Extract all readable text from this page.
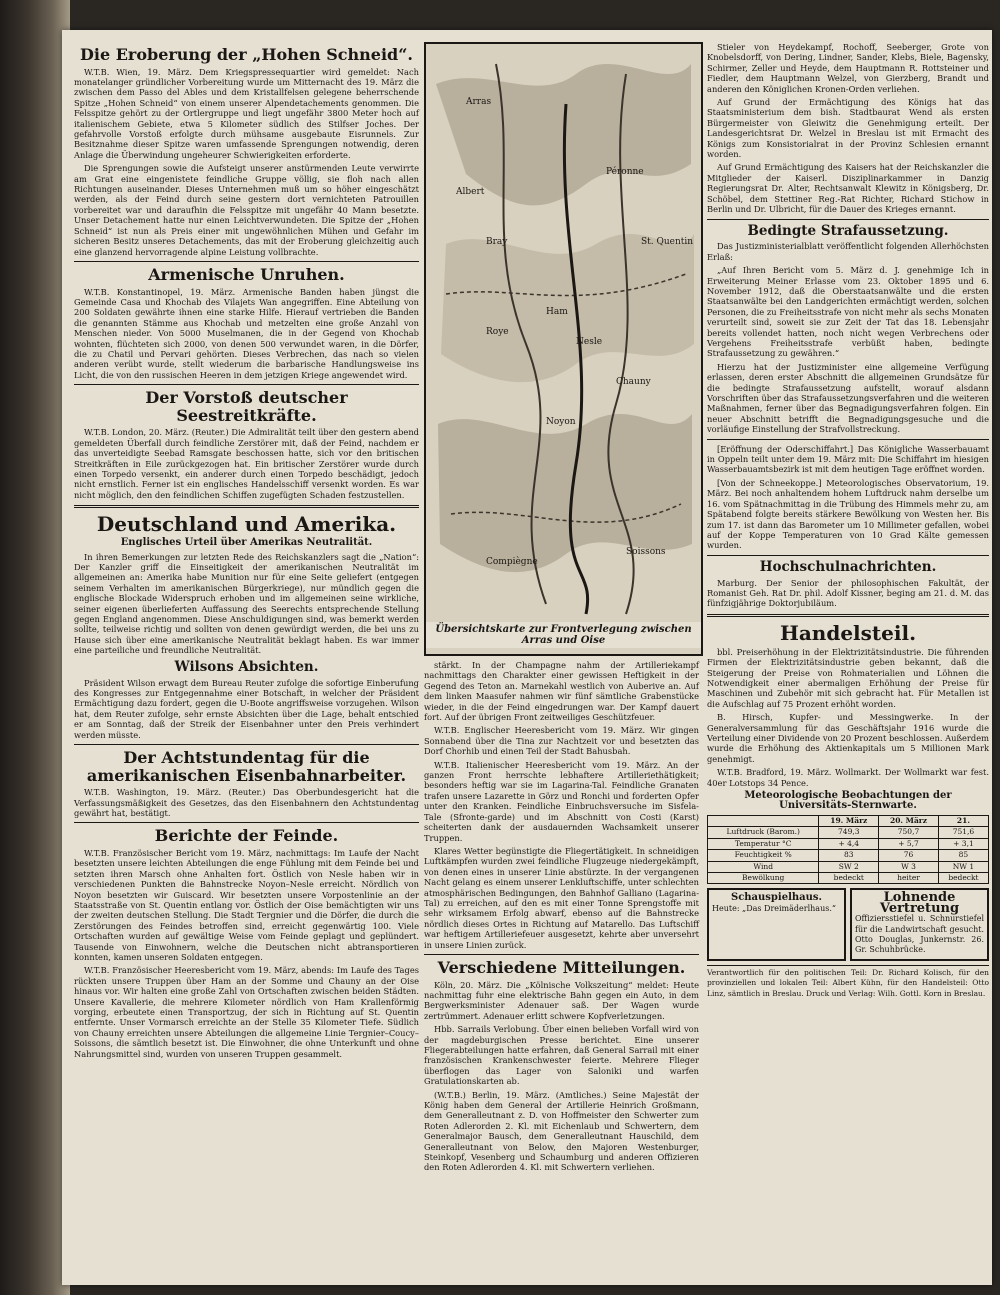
Die Eroberung der „Hohen Schneid“.

W.T.B. Wien, 19. März. Dem Kriegspressequartier wird gemeldet: Nach monatelanger gründlicher Vorbereitung wurde um Mitternacht des 19. März die zwischen dem Passo del Ables und dem Kristallfelsen gelegene beherrschende Spitze „Hohen Schneid“ von einem unserer Alpendetachements genommen. Die Felsspitze gehört zu der Ortlergruppe und liegt ungefähr 3800 Meter hoch auf italienischem Gebiete, etwa 5 Kilometer südlich des Stilfser Joches. Der gefahrvolle Vorstoß erfolgte durch mühsame ausgebaute Eisrunnels. Zur Besitznahme dieser Spitze waren umfassende Sprengungen notwendig, deren Anlage die Überwindung ungeheurer Schwierigkeiten erforderte.

Die Sprengungen sowie die Aufsteigt unserer anstürmenden Leute verwirrte am Grat eine eingenistete feindliche Gruppe völlig, sie floh nach allen Richtungen auseinander. Dieses Unternehmen muß um so höher eingeschätzt werden, als der Feind durch seine gestern dort vernichteten Patrouillen vorbereitet war und daraufhin die Felsspitze mit ungefähr 40 Mann besetzte. Unser Detachement hatte nur einen Leichtverwundeten. Die Spitze der „Hohen Schneid“ ist nun als Preis einer mit ungewöhnlichen Mühen und Gefahr im sicheren Besitz unseres Detachements, das mit der Eroberung gleichzeitig auch eine glanzend hervorragende alpine Leistung vollbrachte.

Armenische Unruhen.

W.T.B. Konstantinopel, 19. März. Armenische Banden haben jüngst die Gemeinde Casa und Khochab des Vilajets Wan angegriffen. Eine Abteilung von 200 Soldaten gewährte ihnen eine starke Hilfe. Hierauf vertrieben die Banden die genannten Stämme aus Khochab und metzelten eine große Anzahl von Menschen nieder. Von 5000 Muselmanen, die in der Gegend von Khochab wohnten, flüchteten sich 2000, von denen 500 verwundet waren, in die Dörfer, die zu Chatil und Pervari gehörten. Dieses Verbrechen, das nach so vielen anderen verübt wurde, stellt wiederum die barbarische Handlungsweise ins Licht, die von den russischen Heeren in dem jetzigen Kriege angewendet wird.

Der Vorstoß deutscher Seestreitkräfte.

W.T.B. London, 20. März. (Reuter.) Die Admiralität teilt über den gestern abend gemeldeten Überfall durch feindliche Zerstörer mit, daß der Feind, nachdem er das unverteidigte Seebad Ramsgate beschossen hatte, sich vor den britischen Streitkräften in Eile zurückgezogen hat. Ein britischer Zerstörer wurde durch einen Torpedo versenkt, ein anderer durch einen Torpedo beschädigt, jedoch nicht ernstlich. Ferner ist ein englisches Handelsschiff versenkt worden. Es war nicht möglich, den den feindlichen Schiffen zugefügten Schaden festzustellen.

Deutschland und Amerika.
Englisches Urteil über Amerikas Neutralität.

In ihren Bemerkungen zur letzten Rede des Reichskanzlers sagt die „Nation“: Der Kanzler griff die Einseitigkeit der amerikanischen Neutralität im allgemeinen an: Amerika habe Munition nur für eine Seite geliefert (entgegen seinem Verhalten im amerikanischen Bürgerkriege), nur mündlich gegen die englische Blockade Widerspruch erhoben und im allgemeinen seine wirkliche, seiner eigenen überlieferten Auffassung des Seerechts entsprechende Stellung gegen England angenommen. Diese Anschuldigungen sind, was bemerkt werden sollte, teilweise richtig und sollten von denen gewürdigt werden, die bei uns zu Hause sich über eine amerikanische Neutralität beklagt haben. Es war immer eine parteiliche und freundliche Neutralität.

Wilsons Absichten.

Präsident Wilson erwagt dem Bureau Reuter zufolge die sofortige Einberufung des Kongresses zur Entgegennahme einer Botschaft, in welcher der Präsident Ermächtigung dazu fordert, gegen die U-Boote angriffsweise vorzugehen. Wilson hat, dem Reuter zufolge, sehr ernste Absichten über die Lage, behalt entschied er am Sonntag, daß der Streik der Eisenbahner unter den Preis verhindert werden müsste.

Der Achtstundentag für die amerikanischen Eisenbahnarbeiter.

W.T.B. Washington, 19. März. (Reuter.) Das Oberbundesgericht hat die Verfassungsmäßigkeit des Gesetzes, das den Eisenbahnern den Achtstundentag gewährt hat, bestätigt.

Berichte der Feinde.

W.T.B. Französischer Bericht vom 19. März, nachmittags: Im Laufe der Nacht besetzten unsere leichten Abteilungen die enge Fühlung mit dem Feinde bei und setzten ihren Marsch ohne Anhalten fort. Östlich von Nesle haben wir in verschiedenen Punkten die Bahnstrecke Noyon–Nesle erreicht. Nördlich von Noyon besetzten wir Guiscard. Wir besetzten unsere Vorpostenlinie an der Staatsstraße von St. Quentin entlang vor. Östlich der Oise bemächtigten wir uns der zweiten deutschen Stellung. Die Stadt Tergnier und die Dörfer, die durch die Zerstörungen des Feindes betroffen sind, erreicht gegenwärtig 100. Viele Ortschaften wurden auf gewältige Weise vom Feinde geplagt und geplündert. Tausende von Einwohnern, welche die Deutschen nicht abtransportieren konnten, kamen unseren Soldaten entgegen.

W.T.B. Französischer Heeresbericht vom 19. März, abends: Im Laufe des Tages rückten unsere Truppen über Ham an der Somme und Chauny an der Oise hinaus vor. Wir halten eine große Zahl von Ortschaften zwischen beiden Städten. Unsere Kavallerie, die mehrere Kilometer nördlich von Ham Krallenförmig vorging, erbeutete einen Transportzug, der sich in Richtung auf St. Quentin entfernte. Unser Vormarsch erreichte an der Stelle 35 Kilometer Tiefe. Südlich von Chauny erreichten unsere Abteilungen die allgemeine Linie Tergnier–Coucy–Soissons, die sämtlich besetzt ist. Die Einwohner, die ohne Unterkunft und ohne Nahrungsmittel sind, wurden von unseren Truppen gesammelt.

Arras
Albert
Bray
Péronne
Nesle
Ham
Chauny
Noyon
Roye
Compiègne
Soissons
St. Quentin
Übersichtskarte zur Frontverlegung zwischen Arras und Oise

stärkt. In der Champagne nahm der Artilleriekampf nachmittags den Charakter einer gewissen Heftigkeit in der Gegend des Teton an. Marnekahl westlich von Auberive an. Auf dem linken Maasufer nahmen wir fünf sämtliche Grabenstücke wieder, in die der Feind eingedrungen war. Der Kampf dauert fort. Auf der übrigen Front zeitweiliges Geschützfeuer.

W.T.B. Englischer Heeresbericht vom 19. März. Wir gingen Sonnabend über die Tina zur Nachtzeit vor und besetzten das Dorf Chorhib und einen Teil der Stadt Bahusbah.

W.T.B. Italienischer Heeresbericht vom 19. März. An der ganzen Front herrschte lebhaftere Artilleriethätigkeit; besonders heftig war sie im Lagarina-Tal. Feindliche Granaten trafen unsere Lazarette in Görz und Ronchi und forderten Opfer unter den Kranken. Feindliche Einbruchsversuche im Sisfela-Tale (Sfronte-garde) und im Abschnitt von Costi (Karst) scheiterten dank der ausdauernden Wachsamkeit unserer Truppen.

Klares Wetter begünstigte die Fliegertätigkeit. In schneidigen Luftkämpfen wurden zwei feindliche Flugzeuge niedergekämpft, von denen eines in unserer Linie abstürzte. In der vergangenen Nacht gelang es einem unserer Lenkluftschiffe, unter schlechten atmosphärischen Bedingungen, den Bahnhof Galliano (Lagarina-Tal) zu erreichen, auf den es mit einer Tonne Sprengstoffe mit sehr wirksamem Erfolg abwarf, ebenso auf die Bahnstrecke nördlich dieses Ortes in Richtung auf Matarello. Das Luftschiff war heftigem Artilleriefeuer ausgesetzt, kehrte aber unversehrt in unsere Linien zurück.

Verschiedene Mitteilungen.

Köln, 20. März. Die „Kölnische Volkszeitung“ meldet: Heute nachmittag fuhr eine elektrische Bahn gegen ein Auto, in dem Bergwerksminister Adenauer saß. Der Wagen wurde zertrümmert. Adenauer erlitt schwere Kopfverletzungen.

Hbb. Sarrails Verlobung. Über einen belieben Vorfall wird von der magdeburgischen Presse berichtet. Eine unserer Fliegerabteilungen hatte erfahren, daß General Sarrail mit einer französischen Krankenschwester feierte. Mehrere Flieger überflogen das Lager von Saloniki und warfen Gratulationskarten ab.

(W.T.B.) Berlin, 19. März. (Amtliches.) Seine Majestät der König haben dem General der Artillerie Heinrich Großmann, dem Generalleutnant z. D. von Hoffmeister den Schwerter zum Roten Adlerorden 2. Kl. mit Eichenlaub und Schwertern, dem Generalmajor Bausch, dem Generalleutnant Hauschild, dem Generalleutnant von Below, den Majoren Westenburger, Steinkopf, Vesenberg und Schaumburg und anderen Offizieren den Roten Adlerorden 4. Kl. mit Schwertern verliehen.

Stieler von Heydekampf, Rochoff, Seeberger, Grote von Knobelsdorff, von Dering, Lindner, Sander, Klebs, Biele, Bagensky, Schirmer, Zeller und Heyde, dem Hauptmann R. Rottsteiner und Fiedler, dem Hauptmann Welzel, von Gierzberg, Brandt und anderen den Königlichen Kronen-Orden verliehen.

Auf Grund der Ermächtigung des Königs hat das Staatsministerium dem bish. Stadtbaurat Wend als ersten Bürgermeister von Gleiwitz die Genehmigung erteilt. Der Landesgerichtsrat Dr. Welzel in Breslau ist mit Ermacht des Königs zum Konsistorialrat in der Provinz Schlesien ernannt worden.

Auf Grund Ermächtigung des Kaisers hat der Reichskanzler die Mitglieder der Kaiserl. Disziplinarkammer in Danzig Regierungsrat Dr. Alter, Rechtsanwalt Klewitz in Königsberg, Dr. Schöbel, dem Stettiner Reg.-Rat Richter, Richard Stichow in Berlin und Dr. Ulbricht, für die Dauer des Krieges ernannt.

Bedingte Strafaussetzung.

Das Justizministerialblatt veröffentlicht folgenden Allerhöchsten Erlaß:

„Auf Ihren Bericht vom 5. März d. J. genehmige Ich in Erweiterung Meiner Erlasse vom 23. Oktober 1895 und 6. November 1912, daß die Oberstaatsanwälte und die ersten Staatsanwälte bei den Landgerichten ermächtigt werden, solchen Personen, die zu Freiheitsstrafe von nicht mehr als sechs Monaten verurteilt sind, soweit sie zur Zeit der Tat das 18. Lebensjahr bereits vollendet hatten, noch nicht wegen Verbrechens oder Vergehens Freiheitsstrafe verbüßt haben, bedingte Strafaussetzung zu gewähren.“

Hierzu hat der Justizminister eine allgemeine Verfügung erlassen, deren erster Abschnitt die allgemeinen Grundsätze für die bedingte Strafaussetzung aufstellt, worauf alsdann Vorschriften über das Strafaussetzungsverfahren und die weiteren Maßnahmen, ferner über das Begnadigungsverfahren folgen. Ein neuer Abschnitt betrifft die Begnadigungsgesuche und die vorläufige Einstellung der Strafvollstreckung.

[Eröffnung der Oderschiffahrt.] Das Königliche Wasserbauamt in Oppeln teilt unter dem 19. März mit: Die Schiffahrt im hiesigen Wasserbauamtsbezirk ist mit dem heutigen Tage eröffnet worden.

[Von der Schneekoppe.] Meteorologisches Observatorium, 19. März. Bei noch anhaltendem hohem Luftdruck nahm derselbe um 16. vom Spätnachmittag in die Trübung des Himmels mehr zu, am Spätabend folgte bereits stärkere Bewölkung von Westen her. Bis zum 17. ist dann das Barometer um 10 Millimeter gefallen, wobei auf der Koppe Temperaturen von 10 Grad Kälte gemessen wurden.

Hochschulnachrichten.

Marburg. Der Senior der philosophischen Fakultät, der Romanist Geh. Rat Dr. phil. Adolf Kissner, beging am 21. d. M. das fünfzigjährige Doktorjubiläum.

Handelsteil.

bbl. Preiserhöhung in der Elektrizitätsindustrie. Die führenden Firmen der Elektrizitätsindustrie geben bekannt, daß die Steigerung der Preise von Rohmaterialien und Löhnen die Notwendigkeit einer abermaligen Erhöhung der Preise für Maschinen und Zubehör mit sich gebracht hat. Für Metallen ist die Aufschlag auf 75 Prozent erhöht worden.

B. Hirsch, Kupfer- und Messingwerke. In der Generalversammlung für das Geschäftsjahr 1916 wurde die Verteilung einer Dividende von 20 Prozent beschlossen. Außerdem wurde die Erhöhung des Aktienkapitals um 5 Millionen Mark genehmigt.

W.T.B. Bradford, 19. März. Wollmarkt. Der Wollmarkt war fest. 40er Lotstops 34 Pence.

Meteorologische Beobachtungen der Universitäts-Sternwarte.
	19. März	20. März	21.
Luftdruck (Barom.)	749,3	750,7	751,6
Temperatur °C	+ 4,4	+ 5,7	+ 3,1
Feuchtigkeit %	83	76	85
Wind	SW 2	W 3	NW 1
Bewölkung	bedeckt	heiter	bedeckt
Schauspielhaus.
Heute: „Das Dreimäderlhaus.“
Lohnende Vertretung
Offiziersstiefel u. Schnurstiefel für die Landwirtschaft gesucht. Otto Douglas, Junkernstr. 26. Gr. Schuhbrücke.
Verantwortlich für den politischen Teil: Dr. Richard Kolisch, für den provinziellen und lokalen Teil: Albert Kühn, für den Handelsteil: Otto Linz, sämtlich in Breslau. Druck und Verlag: Wilh. Gottl. Korn in Breslau.
